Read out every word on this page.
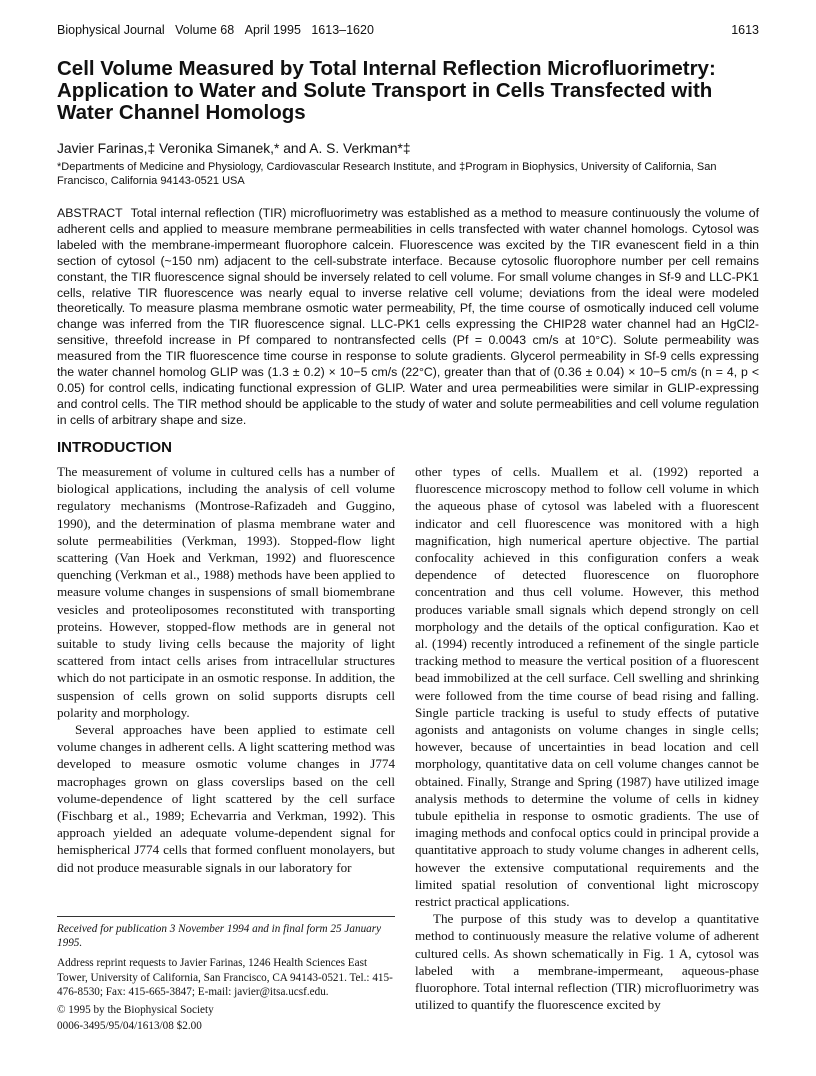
Biophysical Journal Volume 68 April 1995 1613–1620	1613
Cell Volume Measured by Total Internal Reflection Microfluorimetry: Application to Water and Solute Transport in Cells Transfected with Water Channel Homologs
Javier Farinas,‡ Veronika Simanek,* and A. S. Verkman*‡
*Departments of Medicine and Physiology, Cardiovascular Research Institute, and ‡Program in Biophysics, University of California, San Francisco, California 94143-0521 USA

ABSTRACT Total internal reflection (TIR) microfluorimetry was established as a method to measure continuously the volume of adherent cells and applied to measure membrane permeabilities in cells transfected with water channel homologs. Cytosol was labeled with the membrane-impermeant fluorophore calcein. Fluorescence was excited by the TIR evanescent field in a thin section of cytosol (~150 nm) adjacent to the cell-substrate interface. Because cytosolic fluorophore number per cell remains constant, the TIR fluorescence signal should be inversely related to cell volume. For small volume changes in Sf-9 and LLC-PK1 cells, relative TIR fluorescence was nearly equal to inverse relative cell volume; deviations from the ideal were modeled theoretically. To measure plasma membrane osmotic water permeability, Pf, the time course of osmotically induced cell volume change was inferred from the TIR fluorescence signal. LLC-PK1 cells expressing the CHIP28 water channel had an HgCl2-sensitive, threefold increase in Pf compared to nontransfected cells (Pf = 0.0043 cm/s at 10°C). Solute permeability was measured from the TIR fluorescence time course in response to solute gradients. Glycerol permeability in Sf-9 cells expressing the water channel homolog GLIP was (1.3 ± 0.2) × 10−5 cm/s (22°C), greater than that of (0.36 ± 0.04) × 10−5 cm/s (n = 4, p < 0.05) for control cells, indicating functional expression of GLIP. Water and urea permeabilities were similar in GLIP-expressing and control cells. The TIR method should be applicable to the study of water and solute permeabilities and cell volume regulation in cells of arbitrary shape and size.

INTRODUCTION

The measurement of volume in cultured cells has a number of biological applications, including the analysis of cell volume regulatory mechanisms (Montrose-Rafizadeh and Guggino, 1990), and the determination of plasma membrane water and solute permeabilities (Verkman, 1993). Stopped-flow light scattering (Van Hoek and Verkman, 1992) and fluorescence quenching (Verkman et al., 1988) methods have been applied to measure volume changes in suspensions of small biomembrane vesicles and proteoliposomes reconstituted with transporting proteins. However, stopped-flow methods are in general not suitable to study living cells because the majority of light scattered from intact cells arises from intracellular structures which do not participate in an osmotic response. In addition, the suspension of cells grown on solid supports disrupts cell polarity and morphology.

Several approaches have been applied to estimate cell volume changes in adherent cells. A light scattering method was developed to measure osmotic volume changes in J774 macrophages grown on glass coverslips based on the cell volume-dependence of light scattered by the cell surface (Fischbarg et al., 1989; Echevarria and Verkman, 1992). This approach yielded an adequate volume-dependent signal for hemispherical J774 cells that formed confluent monolayers, but did not produce measurable signals in our laboratory for

other types of cells. Muallem et al. (1992) reported a fluorescence microscopy method to follow cell volume in which the aqueous phase of cytosol was labeled with a fluorescent indicator and cell fluorescence was monitored with a high magnification, high numerical aperture objective. The partial confocality achieved in this configuration confers a weak dependence of detected fluorescence on fluorophore concentration and thus cell volume. However, this method produces variable small signals which depend strongly on cell morphology and the details of the optical configuration. Kao et al. (1994) recently introduced a refinement of the single particle tracking method to measure the vertical position of a fluorescent bead immobilized at the cell surface. Cell swelling and shrinking were followed from the time course of bead rising and falling. Single particle tracking is useful to study effects of putative agonists and antagonists on volume changes in single cells; however, because of uncertainties in bead location and cell morphology, quantitative data on cell volume changes cannot be obtained. Finally, Strange and Spring (1987) have utilized image analysis methods to determine the volume of cells in kidney tubule epithelia in response to osmotic gradients. The use of imaging methods and confocal optics could in principal provide a quantitative approach to study volume changes in adherent cells, however the extensive computational requirements and the limited spatial resolution of conventional light microscopy restrict practical applications.

The purpose of this study was to develop a quantitative method to continuously measure the relative volume of adherent cultured cells. As shown schematically in Fig. 1 A, cytosol was labeled with a membrane-impermeant, aqueous-phase fluorophore. Total internal reflection (TIR) microfluorimetry was utilized to quantify the fluorescence excited by

Received for publication 3 November 1994 and in final form 25 January 1995.

Address reprint requests to Javier Farinas, 1246 Health Sciences East Tower, University of California, San Francisco, CA 94143-0521. Tel.: 415-476-8530; Fax: 415-665-3847; E-mail: javier@itsa.ucsf.edu.

© 1995 by the Biophysical Society

0006-3495/95/04/1613/08 $2.00
